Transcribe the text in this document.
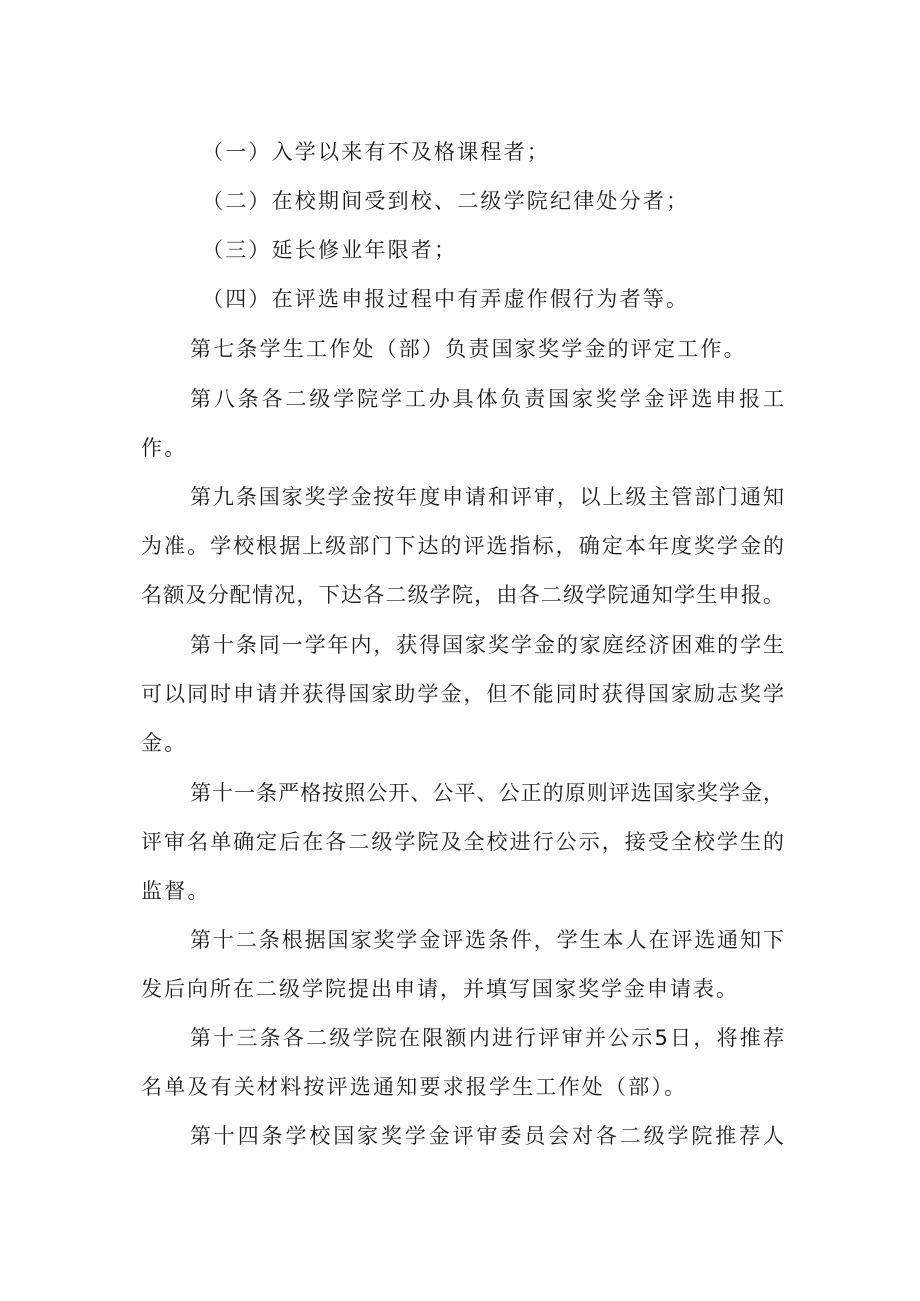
（一）入学以来有不及格课程者；
（二）在校期间受到校、二级学院纪律处分者；
（三）延长修业年限者；
（四）在评选申报过程中有弄虚作假行为者等。
第七条学生工作处（部）负责国家奖学金的评定工作。
第八条各二级学院学工办具体负责国家奖学金评选申报工
作。
第九条国家奖学金按年度申请和评审，以上级主管部门通知
为准。学校根据上级部门下达的评选指标，确定本年度奖学金的
名额及分配情况，下达各二级学院，由各二级学院通知学生申报。
第十条同一学年内，获得国家奖学金的家庭经济困难的学生
可以同时申请并获得国家助学金，但不能同时获得国家励志奖学
金。
第十一条严格按照公开、公平、公正的原则评选国家奖学金，
评审名单确定后在各二级学院及全校进行公示，接受全校学生的
监督。
第十二条根据国家奖学金评选条件，学生本人在评选通知下
发后向所在二级学院提出申请，并填写国家奖学金申请表。
第十三条各二级学院在限额内进行评审并公示5日，将推荐
名单及有关材料按评选通知要求报学生工作处（部）。
第十四条学校国家奖学金评审委员会对各二级学院推荐人
